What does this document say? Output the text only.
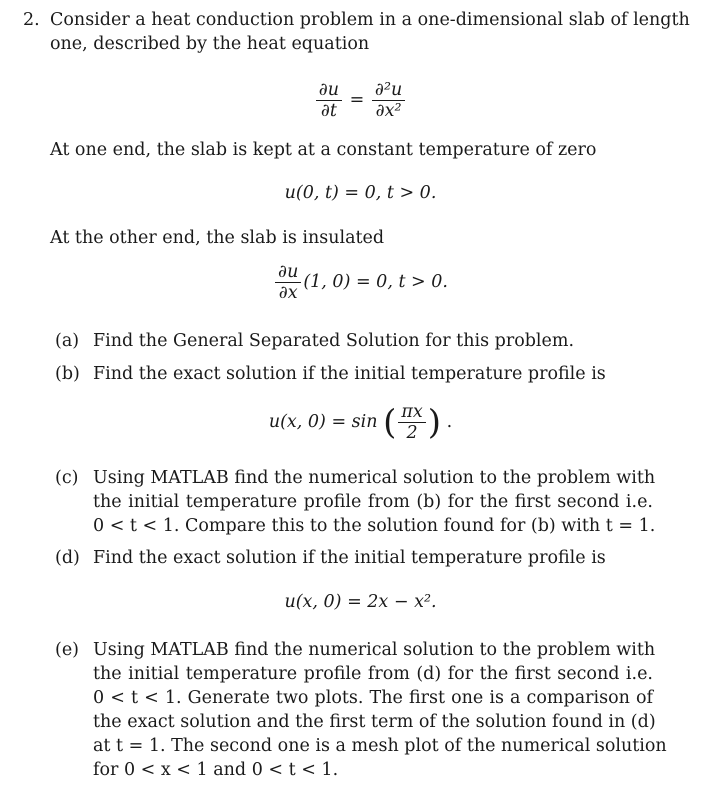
2. Consider a heat conduction problem in a one-dimensional slab of length
one, described by the heat equation
$\frac{\partial u}{\partial t} = \frac{\text{∂²u}}{\text{∂x²}}$
At one end, the slab is kept at a constant temperature of zero
u(0, t) = 0, t > 0.
At the other end, the slab is insulated
$\frac{\partial u}{\partial x} (1$, 0) = 0, t > 0.
(a) Find the General Separated Solution for this problem.
(b) Find the exact solution if the initial temperature profile is
u(x, 0) = sin ( $\frac{\pi x}{2}$ ) .
(c) Using MATLAB find the numerical solution to the problem with
the initial temperature profile from (b) for the first second i.e.
0 < t < 1. Compare this to the solution found for (b) with t = 1.
(d) Find the exact solution if the initial temperature profile is
u(x, 0) = 2x − x².
(e) Using MATLAB find the numerical solution to the problem with
the initial temperature profile from (d) for the first second i.e.
0 < t < 1. Generate two plots. The first one is a comparison of
the exact solution and the first term of the solution found in (d)
at t = 1. The second one is a mesh plot of the numerical solution
for 0 < x < 1 and 0 < t < 1.
